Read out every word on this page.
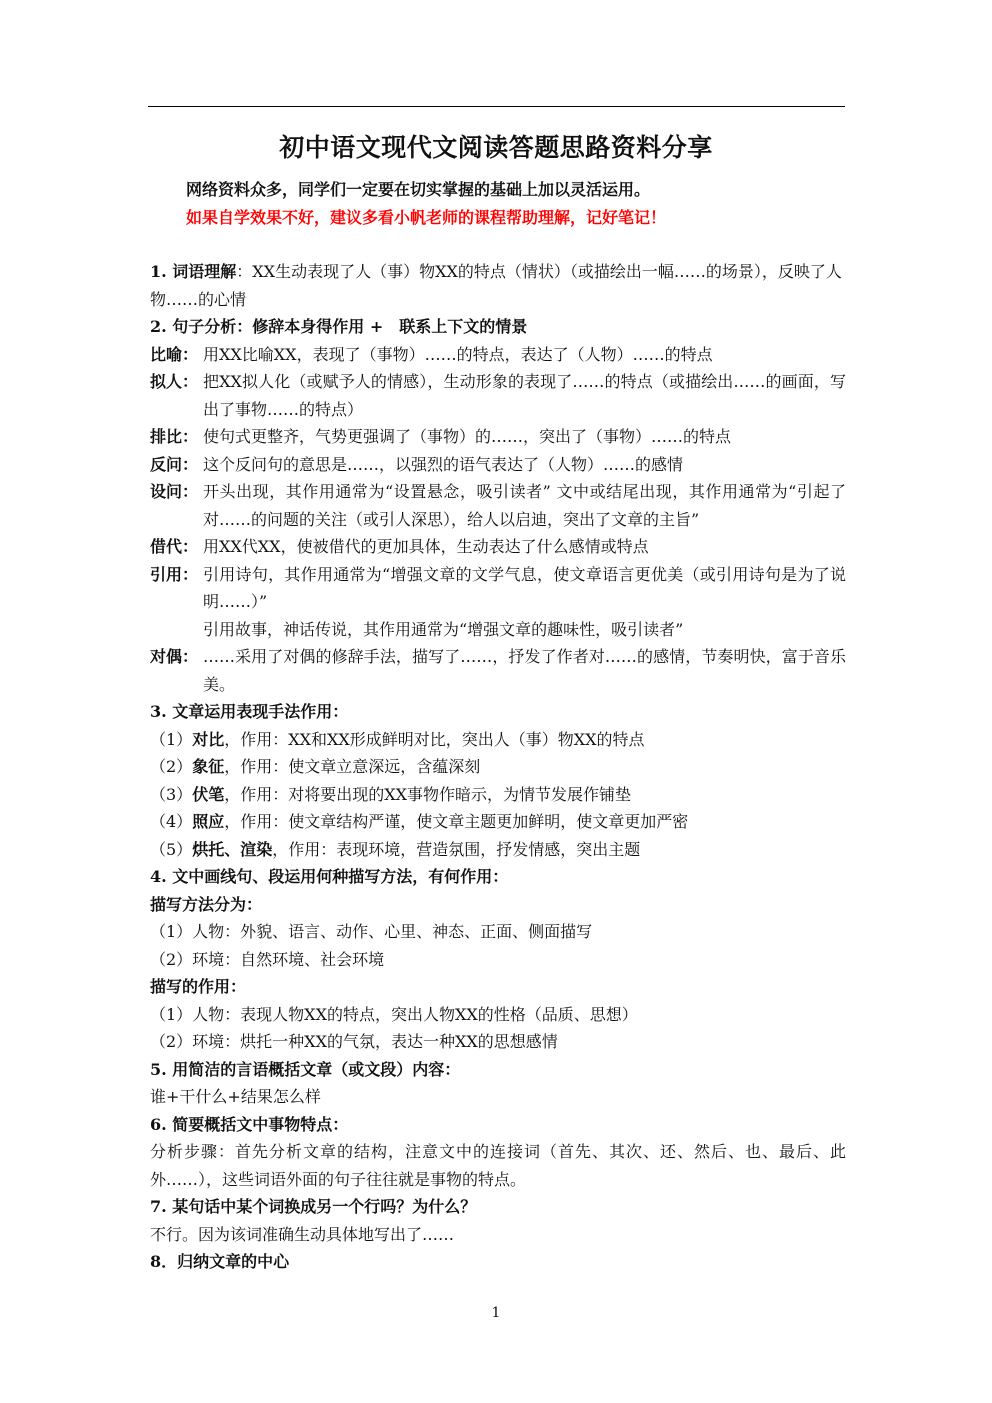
初中语文现代文阅读答题思路资料分享
网络资料众多，同学们一定要在切实掌握的基础上加以灵活运用。
如果自学效果不好，建议多看小帆老师的课程帮助理解，记好笔记！
1. 词语理解：XX生动表现了人（事）物XX的特点（情状）（或描绘出一幅……的场景），反映了人物……的心情
2. 句子分析：修辞本身得作用 +　联系上下文的情景
比喻： 用XX比喻XX，表现了（事物）……的特点，表达了（人物）……的特点
拟人： 把XX拟人化（或赋予人的情感），生动形象的表现了……的特点（或描绘出……的画面，写出了事物……的特点）
排比： 使句式更整齐，气势更强调了（事物）的……，突出了（事物）……的特点
反问： 这个反问句的意思是……，以强烈的语气表达了（人物）……的感情
设问： 开头出现，其作用通常为“设置悬念，吸引读者” 文中或结尾出现，其作用通常为“引起了对……的问题的关注（或引人深思），给人以启迪，突出了文章的主旨”
借代： 用XX代XX，使被借代的更加具体，生动表达了什么感情或特点
引用： 引用诗句，其作用通常为“增强文章的文学气息，使文章语言更优美（或引用诗句是为了说明……）”
引用故事，神话传说，其作用通常为“增强文章的趣味性，吸引读者”
对偶： ……采用了对偶的修辞手法，描写了……，抒发了作者对……的感情，节奏明快，富于音乐美。
3. 文章运用表现手法作用：
（1）对比，作用：XX和XX形成鲜明对比，突出人（事）物XX的特点
（2）象征，作用：使文章立意深远，含蕴深刻
（3）伏笔，作用：对将要出现的XX事物作暗示，为情节发展作铺垫
（4）照应，作用：使文章结构严谨，使文章主题更加鲜明，使文章更加严密
（5）烘托、渲染，作用：表现环境，营造氛围，抒发情感，突出主题
4. 文中画线句、段运用何种描写方法，有何作用：
描写方法分为：
（1）人物：外貌、语言、动作、心里、神态、正面、侧面描写
（2）环境：自然环境、社会环境
描写的作用：
（1）人物：表现人物XX的特点，突出人物XX的性格（品质、思想）
（2）环境：烘托一种XX的气氛，表达一种XX的思想感情
5. 用简洁的言语概括文章（或文段）内容：
谁+干什么+结果怎么样
6. 简要概括文中事物特点：
分析步骤：首先分析文章的结构，注意文中的连接词（首先、其次、还、然后、也、最后、此外……），这些词语外面的句子往往就是事物的特点。
7. 某句话中某个词换成另一个行吗？为什么？
不行。因为该词准确生动具体地写出了……
8．归纳文章的中心
1
